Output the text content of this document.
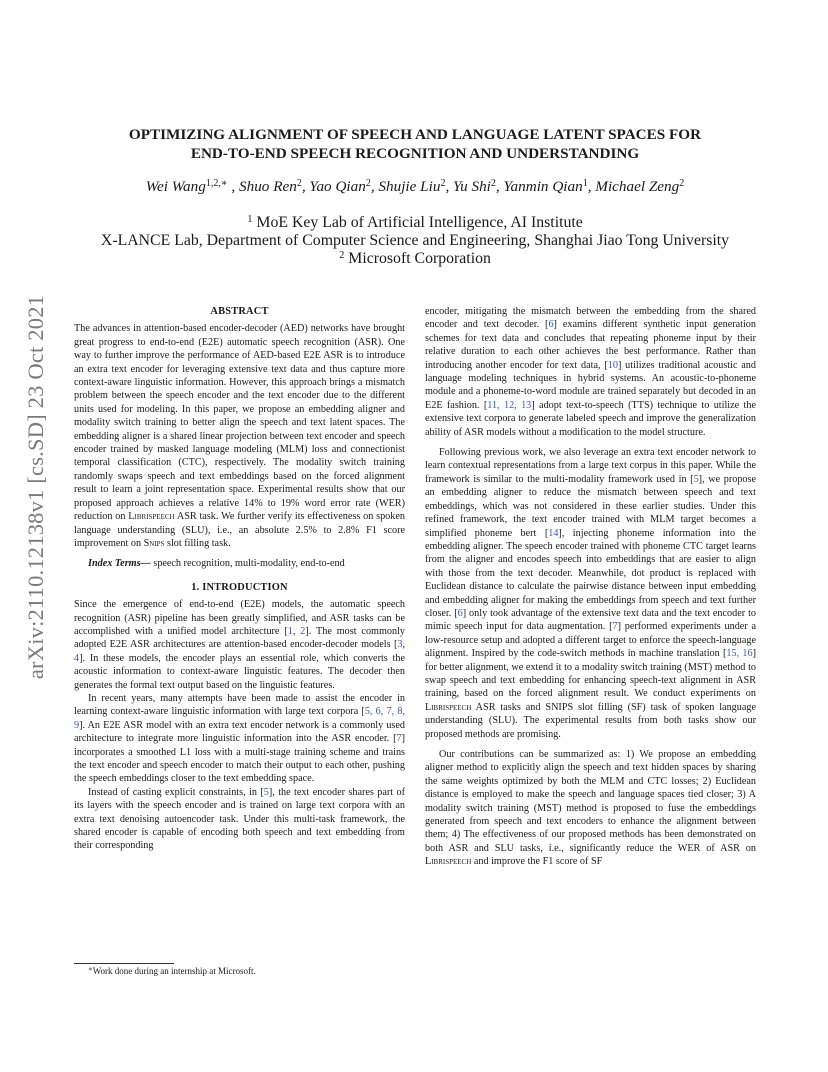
arXiv:2110.12138v1 [cs.SD] 23 Oct 2021
OPTIMIZING ALIGNMENT OF SPEECH AND LANGUAGE LATENT SPACES FOR
END-TO-END SPEECH RECOGNITION AND UNDERSTANDING
Wei Wang$^{1,2,∗}$ , Shuo Ren$^2$, Yao Qian$^2$, Shujie Liu$^2$, Yu Shi$^2$, Yanmin Qian$^1$, Michael Zeng$^2$
$^1$ MoE Key Lab of Artificial Intelligence, AI Institute
X-LANCE Lab, Department of Computer Science and Engineering, Shanghai Jiao Tong University
$^2$ Microsoft Corporation
ABSTRACT

The advances in attention-based encoder-decoder (AED) networks have brought great progress to end-to-end (E2E) automatic speech recognition (ASR). One way to further improve the performance of AED-based E2E ASR is to introduce an extra text encoder for leveraging extensive text data and thus capture more context-aware linguistic information. However, this approach brings a mismatch problem between the speech encoder and the text encoder due to the different units used for modeling. In this paper, we propose an embedding aligner and modality switch training to better align the speech and text latent spaces. The embedding aligner is a shared linear projection between text encoder and speech encoder trained by masked language modeling (MLM) loss and connectionist temporal classification (CTC), respectively. The modality switch training randomly swaps speech and text embeddings based on the forced alignment result to learn a joint representation space. Experimental results show that our proposed approach achieves a relative 14% to 19% word error rate (WER) reduction on Librispeech ASR task. We further verify its effectiveness on spoken language understanding (SLU), i.e., an absolute 2.5% to 2.8% F1 score improvement on Snips slot filling task.

Index Terms— speech recognition, multi-modality, end-to-end

1. INTRODUCTION

Since the emergence of end-to-end (E2E) models, the automatic speech recognition (ASR) pipeline has been greatly simplified, and ASR tasks can be accomplished with a unified model architecture [1, 2]. The most commonly adopted E2E ASR architectures are attention-based encoder-decoder models [3, 4]. In these models, the encoder plays an essential role, which converts the acoustic information to context-aware linguistic features. The decoder then generates the formal text output based on the linguistic features.

In recent years, many attempts have been made to assist the encoder in learning context-aware linguistic information with large text corpora [5, 6, 7, 8, 9]. An E2E ASR model with an extra text encoder network is a commonly used architecture to integrate more linguistic information into the ASR encoder. [7] incorporates a smoothed L1 loss with a multi-stage training scheme and trains the text encoder and speech encoder to match their output to each other, pushing the speech embeddings closer to the text embedding space.

Instead of casting explicit constraints, in [5], the text encoder shares part of its layers with the speech encoder and is trained on large text corpora with an extra text denoising autoencoder task. Under this multi-task framework, the shared encoder is capable of encoding both speech and text embedding from their corresponding

encoder, mitigating the mismatch between the embedding from the shared encoder and text decoder. [6] examins different synthetic input generation schemes for text data and concludes that repeating phoneme input by their relative duration to each other achieves the best performance. Rather than introducing another encoder for text data, [10] utilizes traditional acoustic and language modeling techniques in hybrid systems. An acoustic-to-phoneme module and a phoneme-to-word module are trained separately but decoded in an E2E fashion. [11, 12, 13] adopt text-to-speech (TTS) technique to utilize the extensive text corpora to generate labeled speech and improve the generalization ability of ASR models without a modification to the model structure.

Following previous work, we also leverage an extra text encoder network to learn contextual representations from a large text corpus in this paper. While the framework is similar to the multi-modality framework used in [5], we propose an embedding aligner to reduce the mismatch between speech and text embeddings, which was not considered in these earlier studies. Under this refined framework, the text encoder trained with MLM target becomes a simplified phoneme bert [14], injecting phoneme information into the embedding aligner. The speech encoder trained with phoneme CTC target learns from the aligner and encodes speech into embeddings that are easier to align with those from the text decoder. Meanwhile, dot product is replaced with Euclidean distance to calculate the pairwise distance between input embedding and embedding aligner for making the embeddings from speech and text further closer. [6] only took advantage of the extensive text data and the text encoder to mimic speech input for data augmentation. [7] performed experiments under a low-resource setup and adopted a different target to enforce the speech-language alignment. Inspired by the code-switch methods in machine translation [15, 16] for better alignment, we extend it to a modality switch training (MST) method to swap speech and text embedding for enhancing speech-text alignment in ASR training, based on the forced alignment result. We conduct experiments on Librispeech ASR tasks and SNIPS slot filling (SF) task of spoken language understanding (SLU). The experimental results from both tasks show our proposed methods are promising.

Our contributions can be summarized as: 1) We propose an embedding aligner method to explicitly align the speech and text hidden spaces by sharing the same weights optimized by both the MLM and CTC losses; 2) Euclidean distance is employed to make the speech and language spaces tied closer; 3) A modality switch training (MST) method is proposed to fuse the embeddings generated from speech and text encoders to enhance the alignment between them; 4) The effectiveness of our proposed methods has been demonstrated on both ASR and SLU tasks, i.e., significantly reduce the WER of ASR on Librispeech and improve the F1 score of SF

∗Work done during an internship at Microsoft.
